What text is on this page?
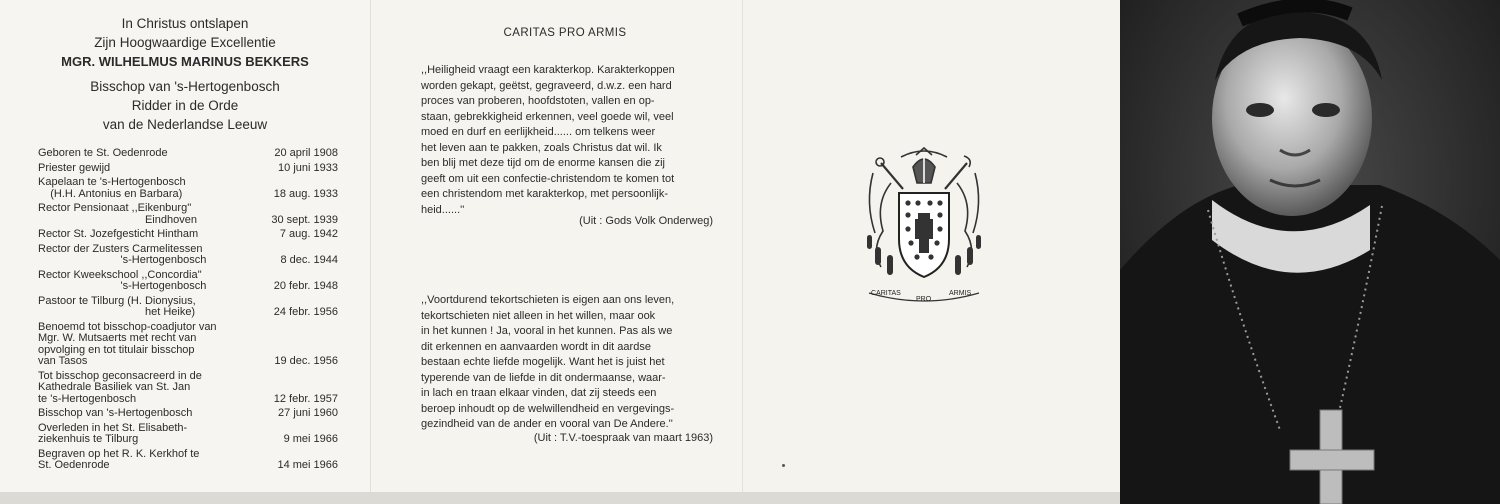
In Christus ontslapen
Zijn Hoogwaardige Excellentie
MGR. WILHELMUS MARINUS BEKKERS
Bisschop van 's-Hertogenbosch
Ridder in de Orde
van de Nederlandse Leeuw
Geboren te St. Oedenrode	20 april 1908
Priester gewijd	10 juni 1933
Kapelaan te 's-Hertogenbosch
(H.H. Antonius en Barbara)	18 aug. 1933
Rector Pensionaat ,,Eikenburg''
Eindhoven	30 sept. 1939
Rector St. Jozefgesticht Hintham	7 aug. 1942
Rector der Zusters Carmelitessen
's-Hertogenbosch	8 dec. 1944
Rector Kweekschool ,,Concordia''
's-Hertogenbosch	20 febr. 1948
Pastoor te Tilburg (H. Dionysius,
het Heike)	24 febr. 1956
Benoemd tot bisschop-coadjutor van
Mgr. W. Mutsaerts met recht van
opvolging en tot titulair bisschop
van Tasos	19 dec. 1956
Tot bisschop geconsacreerd in de
Kathedrale Basiliek van St. Jan
te 's-Hertogenbosch	12 febr. 1957
Bisschop van 's-Hertogenbosch	27 juni 1960
Overleden in het St. Elisabeth-
ziekenhuis te Tilburg	9 mei 1966
Begraven op het R. K. Kerkhof te
St. Oedenrode	14 mei 1966
CARITAS PRO ARMIS
,,Heiligheid vraagt een karakterkop. Karakterkoppen
worden gekapt, geëtst, gegraveerd, d.w.z. een hard
proces van proberen, hoofdstoten, vallen en op-
staan, gebrekkigheid erkennen, veel goede wil, veel
moed en durf en eerlijkheid...... om telkens weer
het leven aan te pakken, zoals Christus dat wil. Ik
ben blij met deze tijd om de enorme kansen die zij
geeft om uit een confectie-christendom te komen tot
een christendom met karakterkop, met persoonlijk-
heid......''
(Uit : Gods Volk Onderweg)
,,Voortdurend tekortschieten is eigen aan ons leven,
tekortschieten niet alleen in het willen, maar ook
in het kunnen ! Ja, vooral in het kunnen. Pas als we
dit erkennen en aanvaarden wordt in dit aardse
bestaan echte liefde mogelijk. Want het is juist het
typerende van de liefde in dit ondermaanse, waar-
in lach en traan elkaar vinden, dat zij steeds een
beroep inhoudt op de welwillendheid en vergevings-
gezindheid van de ander en vooral van De Andere.''
(Uit : T.V.-toespraak van maart 1963)
CARITAS
PRO
ARMIS
